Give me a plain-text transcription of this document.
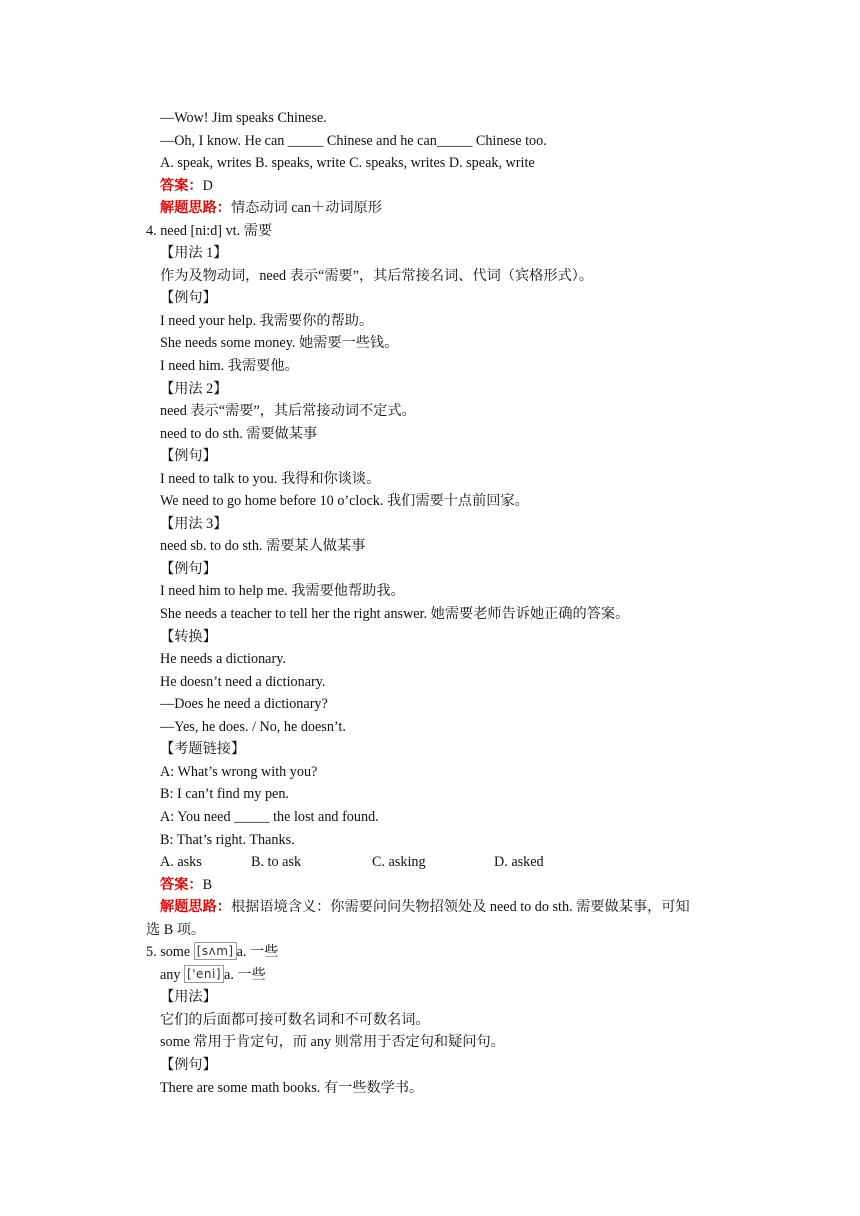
—Wow! Jim speaks Chinese.
—Oh, I know. He can _____ Chinese and he can_____ Chinese too.
A. speak, writes B. speaks, write C. speaks, writes D. speak, write
答案：D
解题思路：情态动词 can＋动词原形
4. need [ni:d] vt. 需要
【用法 1】
作为及物动词，need 表示“需要”，其后常接名词、代词（宾格形式）。
【例句】
I need your help. 我需要你的帮助。
She needs some money. 她需要一些钱。
I need him. 我需要他。
【用法 2】
need 表示“需要”，其后常接动词不定式。
need to do sth. 需要做某事
【例句】
I need to talk to you. 我得和你谈谈。
We need to go home before 10 o’clock. 我们需要十点前回家。
【用法 3】
need sb. to do sth. 需要某人做某事
【例句】
I need him to help me. 我需要他帮助我。
She needs a teacher to tell her the right answer. 她需要老师告诉她正确的答案。
【转换】
He needs a dictionary.
He doesn’t need a dictionary.
—Does he need a dictionary?
—Yes, he does. / No, he doesn’t.
【考题链接】
A: What’s wrong with you?
B: I can’t find my pen.
A: You need _____ the lost and found.
B: That’s right. Thanks.
A. asks	B. to ask	C. asking	D. asked
答案：B
解题思路：根据语境含义：你需要问问失物招领处及 need to do sth. 需要做某事，可知
选 B 项。
5. some [sʌm] a. 一些
any ['eni] a. 一些
【用法】
它们的后面都可接可数名词和不可数名词。
some 常用于肯定句，而 any 则常用于否定句和疑问句。
【例句】
There are some math books. 有一些数学书。
